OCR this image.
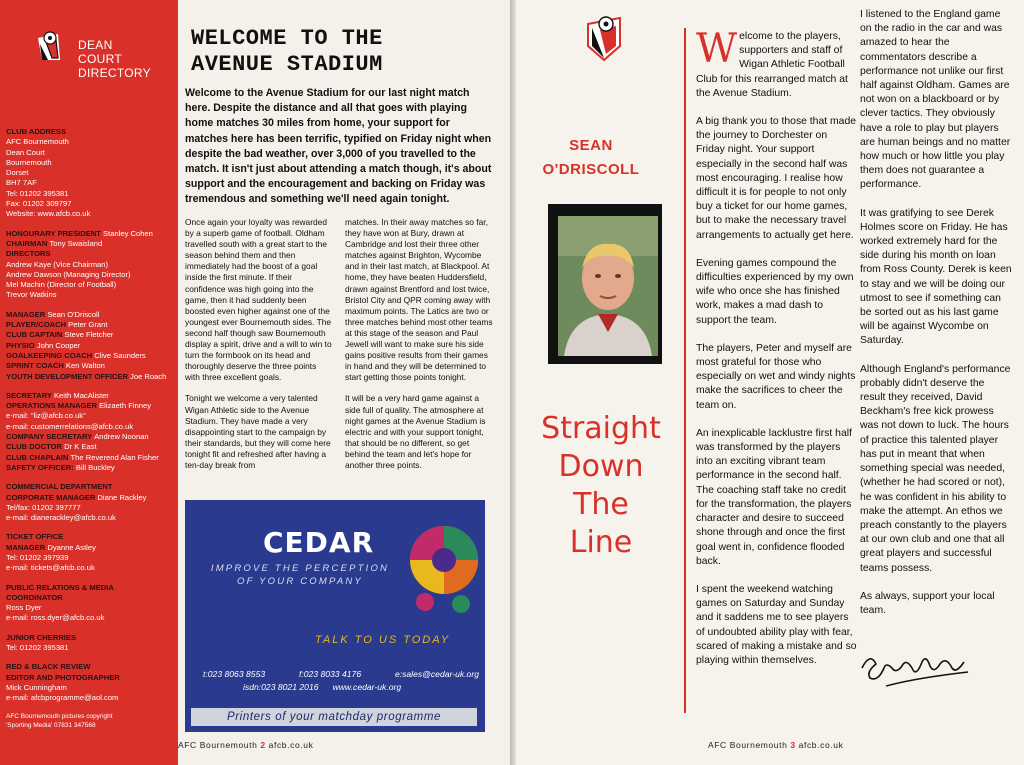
DEAN
COURT
DIRECTORY
CLUB ADDRESS
AFC Bournemouth
Dean Court
Bournemouth
Dorset
BH7 7AF
Tel: 01202 395381
Fax: 01202 309797
Website: www.afcb.co.uk
HONOURARY PRESIDENT Stanley Cohen
CHAIRMAN Tony Swaisland
DIRECTORS
Andrew Kaye (Vice Chairman)
Andrew Dawson (Managing Director)
Mel Machin (Director of Football)
Trevor Watkins
MANAGER Sean O'Driscoll
PLAYER/COACH Peter Grant
CLUB CAPTAIN Steve Fletcher
PHYSIO John Cooper
GOALKEEPING COACH Clive Saunders
SPRINT COACH Ken Walton
YOUTH DEVELOPMENT OFFICER Joe Roach
SECRETARY Keith MacAlister
OPERATIONS MANAGER Elizaeth Finney
e-mail: "liz@afcb.co.uk"
e-mail: customerrelations@afcb.co.uk
COMPANY SECRETARY Andrew Noonan
CLUB DOCTOR Dr K East
CLUB CHAPLAIN The Reverend Alan Fisher
SAFETY OFFICER: Bill Buckley
COMMERCIAL DEPARTMENT
CORPORATE MANAGER Diane Rackley
Tel/fax: 01202 397777
e-mail: dianerackley@afcb.co.uk
TICKET OFFICE
MANAGER Dyanne Astley
Tel: 01202 397939
e-mail: tickets@afcb.co.uk
PUBLIC RELATIONS & MEDIA
COORDINATOR
Ross Dyer
e-mail: ross.dyer@afcb.co.uk
JUNIOR CHERRIES
Tel: 01202 395381
RED & BLACK REVIEW
EDITOR AND PHOTOGRAPHER
Mick Cunningham
e-mail: afcbprogramme@aol.com
AFC Bournemouth pictures copyright
'Sporting Media' 07831 347568
WELCOME TO THE
AVENUE STADIUM
Welcome to the Avenue Stadium for our last night match here. Despite the distance and all that goes with playing home matches 30 miles from home, your support for matches here has been terrific, typified on Friday night when despite the bad weather, over 3,000 of you travelled to the match. It isn't just about attending a match though, it's about support and the encouragement and backing on Friday was tremendous and something we'll need again tonight.

Once again your loyalty was rewarded by a superb game of football. Oldham travelled south with a great start to the season behind them and then immediately had the boost of a goal inside the first minute. If their confidence was high going into the game, then it had suddenly been boosted even higher against one of the youngest ever Bournemouth sides. The second half though saw Bournemouth display a spirit, drive and a will to win to turn the formbook on its head and thoroughly deserve the three points with three excellent goals.

Tonight we welcome a very talented Wigan Athletic side to the Avenue Stadium. They have made a very disappointing start to the campaign by their standards, but they will come here tonight fit and refreshed after having a ten-day break from

matches. In their away matches so far, they have won at Bury, drawn at Cambridge and lost their three other matches against Brighton, Wycombe and in their last match, at Blackpool. At home, they have beaten Huddersfield, drawn against Brentford and lost twice, Bristol City and QPR coming away with maximum points. The Latics are two or three matches behind most other teams at this stage of the season and Paul Jewell will want to make sure his side gains positive results from their games in hand and they will be determined to start getting those points tonight.

It will be a very hard game against a side full of quality. The atmosphere at night games at the Avenue Stadium is electric and with your support tonight, that should be no different, so get behind the team and let's hope for another three points.

CEDAR
IMPROVE THE PERCEPTION
OF YOUR COMPANY
TALK TO US TODAY
t:023 8063 8553	f:023 8033 4176	e:sales@cedar-uk.org
isdn:023 8021 2016 www.cedar-uk.org
Printers of your matchday programme
AFC Bournemouth 2 afcb.co.uk
SEAN
O'DRISCOLL
Straight
Down
The
Line

Welcome to the players, supporters and staff of Wigan Athletic Football Club for this rearranged match at the Avenue Stadium.

A big thank you to those that made the journey to Dorchester on Friday night. Your support especially in the second half was most encouraging. I realise how difficult it is for people to not only buy a ticket for our home games, but to make the necessary travel arrangements to actually get here.

Evening games compound the difficulties experienced by my own wife who once she has finished work, makes a mad dash to support the team.

The players, Peter and myself are most grateful for those who especially on wet and windy nights make the sacrifices to cheer the team on.

An inexplicable lacklustre first half was transformed by the players into an exciting vibrant team performance in the second half. The coaching staff take no credit for the transformation, the players character and desire to succeed shone through and once the first goal went in, confidence flooded back.

I spent the weekend watching games on Saturday and Sunday and it saddens me to see players of undoubted ability play with fear, scared of making a mistake and so playing within themselves.

I listened to the England game on the radio in the car and was amazed to hear the commentators describe a performance not unlike our first half against Oldham. Games are not won on a blackboard or by clever tactics. They obviously have a role to play but players are human beings and no matter how much or how little you play them does not guarantee a performance.

It was gratifying to see Derek Holmes score on Friday. He has worked extremely hard for the side during his month on loan from Ross County. Derek is keen to stay and we will be doing our utmost to see if something can be sorted out as his last game will be against Wycombe on Saturday.

Although England's performance probably didn't deserve the result they received, David Beckham's free kick prowess was not down to luck. The hours of practice this talented player has put in meant that when something special was needed, (whether he had scored or not), he was confident in his ability to make the attempt. An ethos we preach constantly to the players at our own club and one that all great players and successful teams possess.

As always, support your local team.

AFC Bournemouth 3 afcb.co.uk
